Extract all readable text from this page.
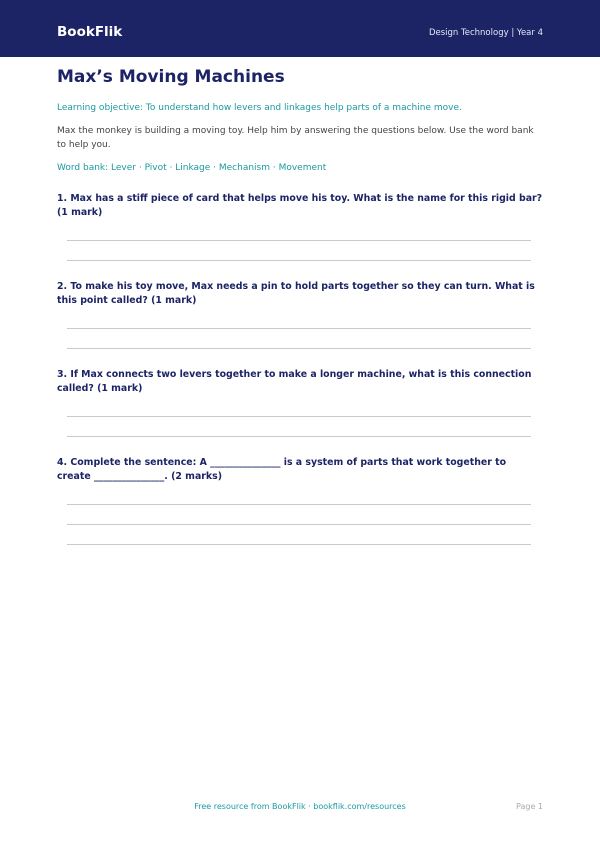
BookFlik	Design Technology | Year 4
Max’s Moving Machines
Learning objective: To understand how levers and linkages help parts of a machine move.
Max the monkey is building a moving toy. Help him by answering the questions below. Use the word bank to help you.
Word bank: Lever · Pivot · Linkage · Mechanism · Movement
1. Max has a stiff piece of card that helps move his toy. What is the name for this rigid bar? (1 mark)
2. To make his toy move, Max needs a pin to hold parts together so they can turn. What is this point called? (1 mark)
3. If Max connects two levers together to make a longer machine, what is this connection called? (1 mark)
4. Complete the sentence: A _______________ is a system of parts that work together to create _______________. (2 marks)
Free resource from BookFlik · bookflik.com/resources	Page 1
